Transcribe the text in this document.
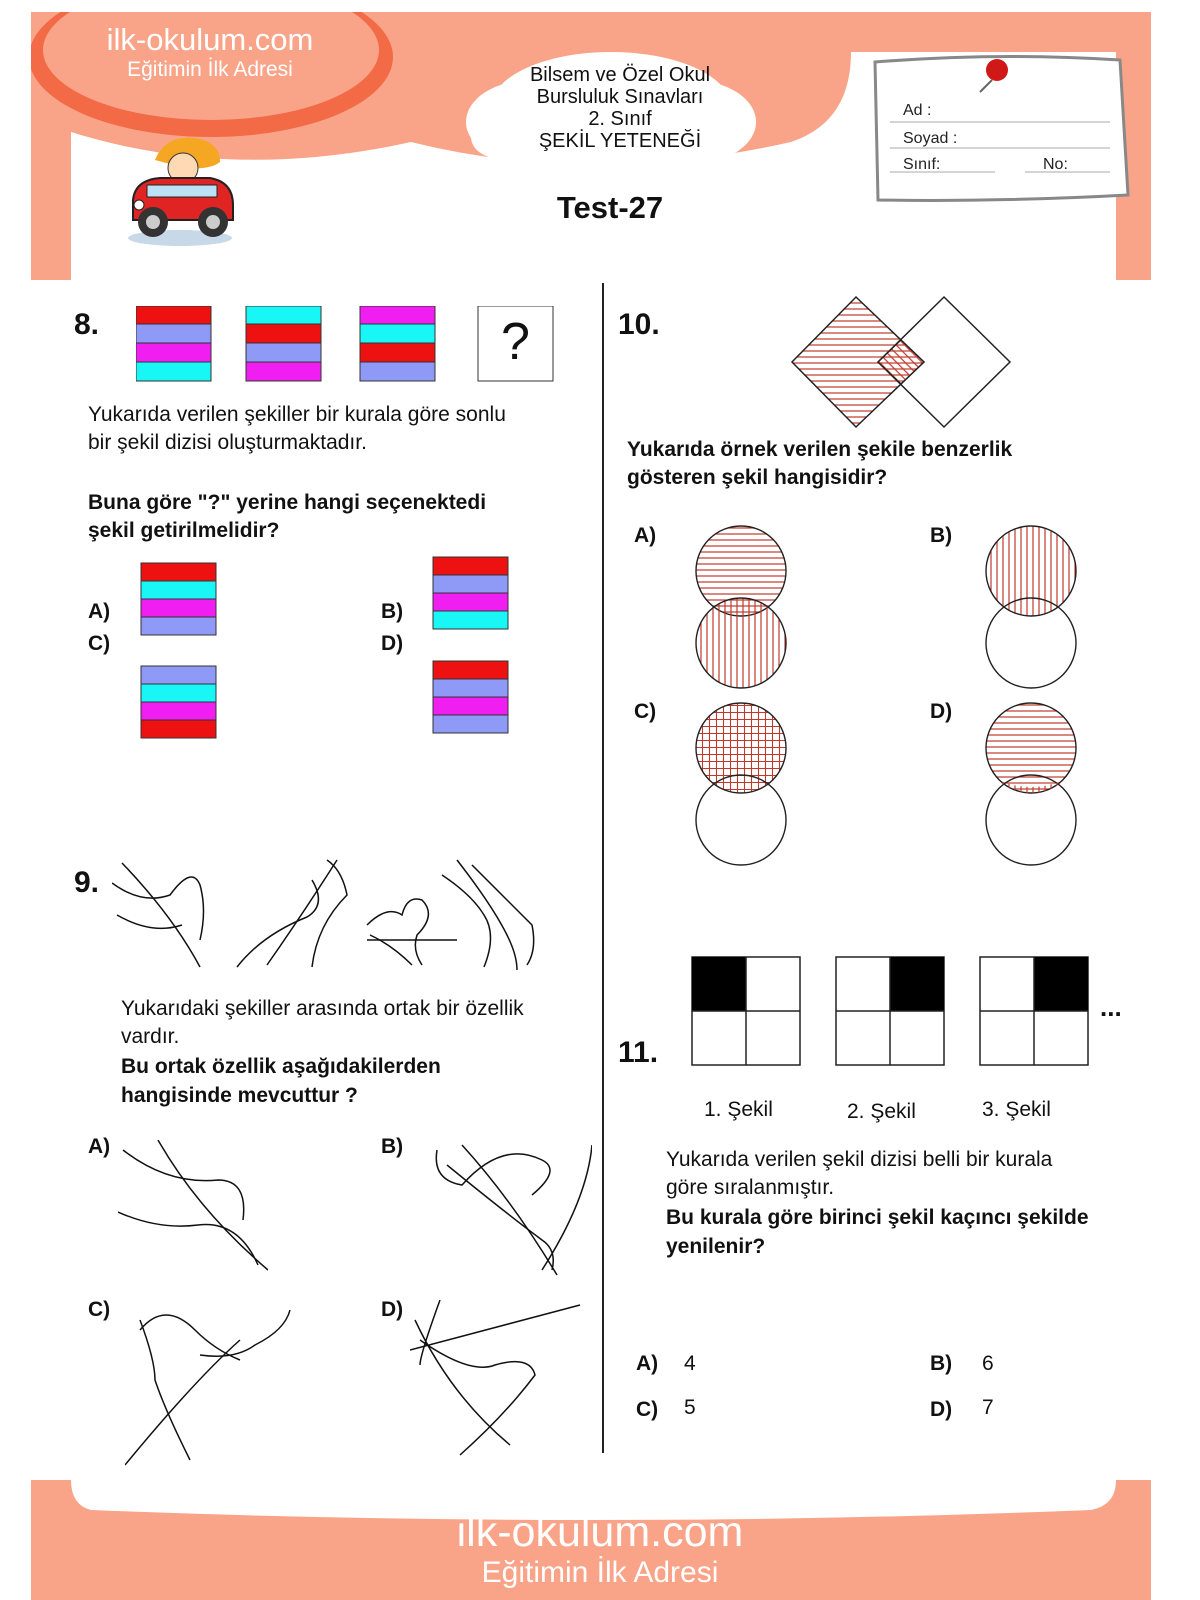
ilk-okulum.com
Eğitimin İlk Adresi	Bilsem ve Özel Okul
Bursluluk Sınavları
2. Sınıf
ŞEKİL YETENEĞİ
Test-27
Ad :
Soyad :
Sınıf:	No:
8.	?
Yukarıda verilen şekiller bir kurala göre sonlu
bir şekil dizisi oluşturmaktadır.
Buna göre "?" yerine hangi seçenektedi
şekil getirilmelidir?
A)	B)
C)	D)
9.
Yukarıdaki şekiller arasında ortak bir özellik
vardır.
Bu ortak özellik aşağıdakilerden
hangisinde mevcuttur ?
A)	B)
C)	D)
10.
Yukarıda örnek verilen şekile benzerlik
gösteren şekil hangisidir?
A)	B)
C)	D)
...
11.
1. Şekil	2. Şekil	3. Şekil
Yukarıda verilen şekil dizisi belli bir kurala
göre sıralanmıştır.
Bu kurala göre birinci şekil kaçıncı şekilde
yenilenir?
A) 4	B) 6
C) 5	D) 7
ilk-okulum.com
Eğitimin İlk Adresi
